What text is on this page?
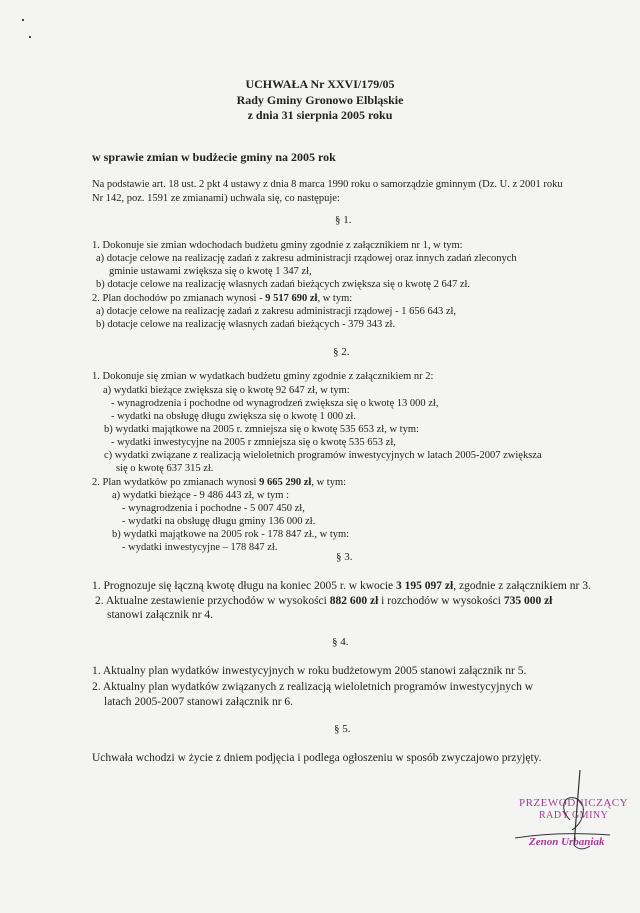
UCHWAŁA Nr XXVI/179/05
Rady Gminy Gronowo Elbląskie
z dnia 31 sierpnia 2005 roku
w sprawie zmian w budżecie gminy na 2005 rok
Na podstawie art. 18 ust. 2 pkt 4 ustawy z dnia 8 marca 1990 roku o samorządzie gminnym (Dz. U. z 2001 roku
Nr 142, poz. 1591 ze zmianami) uchwala się, co następuje:
§ 1.
1. Dokonuje sie zmian wdochodach budżetu gminy zgodnie z załącznikiem nr 1, w tym:
a) dotacje celowe na realizację zadań z zakresu administracji rządowej oraz innych zadań zleconych
gminie ustawami zwiększa się o kwotę 1 347 zł,
b) dotacje celowe na realizację własnych zadań bieżących zwiększa się o kwotę 2 647 zł.
2. Plan dochodów po zmianach wynosi - 9 517 690 zł, w tym:
a) dotacje celowe na realizację zadań z zakresu administracji rządowej - 1 656 643 zł,
b) dotacje celowe na realizację własnych zadań bieżących - 379 343 zł.
§ 2.
1. Dokonuje się zmian w wydatkach budżetu gminy zgodnie z załącznikiem nr 2:
a) wydatki bieżące zwiększa się o kwotę 92 647 zł, w tym:
- wynagrodzenia i pochodne od wynagrodzeń zwiększa się o kwotę 13 000 zł,
- wydatki na obsługę długu zwiększa się o kwotę 1 000 zł.
b) wydatki majątkowe na 2005 r. zmniejsza się o kwotę 535 653 zł, w tym:
- wydatki inwestycyjne na 2005 r zmniejsza się o kwotę 535 653 zł,
c) wydatki związane z realizacją wieloletnich programów inwestycyjnych w latach 2005-2007 zwiększa
się o kwotę 637 315 zł.
2. Plan wydatków po zmianach wynosi 9 665 290 zł, w tym:
a) wydatki bieżące - 9 486 443 zł, w tym :
- wynagrodzenia i pochodne - 5 007 450 zł,
- wydatki na obsługę długu gminy 136 000 zł.
b) wydatki majątkowe na 2005 rok - 178 847 zł., w tym:
- wydatki inwestycyjne – 178 847 zł.
§ 3.
1. Prognozuje się łączną kwotę długu na koniec 2005 r. w kwocie 3 195 097 zł, zgodnie z załącznikiem nr 3.
2. Aktualne zestawienie przychodów w wysokości 882 600 zł i rozchodów w wysokości 735 000 zł
stanowi załącznik nr 4.
§ 4.
1. Aktualny plan wydatków inwestycyjnych w roku budżetowym 2005 stanowi załącznik nr 5.
2. Aktualny plan wydatków związanych z realizacją wieloletnich programów inwestycyjnych w
latach 2005-2007 stanowi załącznik nr 6.
§ 5.
Uchwała wchodzi w życie z dniem podjęcia i podlega ogłoszeniu w sposób zwyczajowo przyjęty.
PRZEWODNICZĄCY
RADY GMINY
Zenon Urbaniak
